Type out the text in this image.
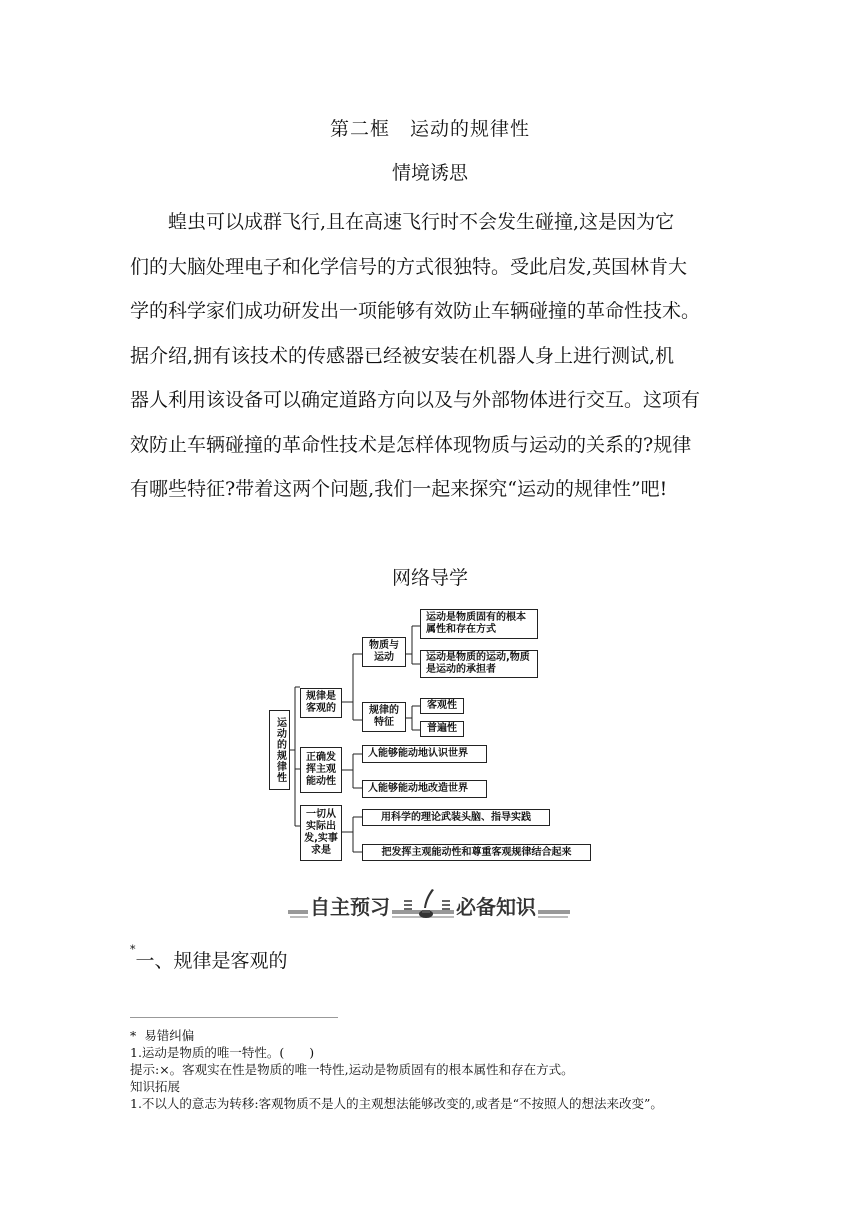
第二框　运动的规律性
情境诱思

　　蝗虫可以成群飞行,且在高速飞行时不会发生碰撞,这是因为它

们的大脑处理电子和化学信号的方式很独特。受此启发,英国林肯大

学的科学家们成功研发出一项能够有效防止车辆碰撞的革命性技术。

据介绍,拥有该技术的传感器已经被安装在机器人身上进行测试,机

器人利用该设备可以确定道路方向以及与外部物体进行交互。这项有

效防止车辆碰撞的革命性技术是怎样体现物质与运动的关系的?规律

有哪些特征?带着这两个问题,我们一起来探究“运动的规律性”吧!

网络导学
运动的规律性
规律是客观的
正确发挥主观能动性
一切从实际出发,实事求是
物质与运动
规律的特征
运动是物质固有的根本属性和存在方式
运动是物质的运动,物质是运动的承担者
客观性
普遍性
人能够能动地认识世界
人能够能动地改造世界
用科学的理论武装头脑、指导实践
把发挥主观能动性和尊重客观规律结合起来
自主预习	必备知识
*一、规律是客观的
* 易错纠偏
1.运动是物质的唯一特性。(　　)
提示:×。客观实在性是物质的唯一特性,运动是物质固有的根本属性和存在方式。
知识拓展
1.不以人的意志为转移:客观物质不是人的主观想法能够改变的,或者是“不按照人的想法来改变”。
